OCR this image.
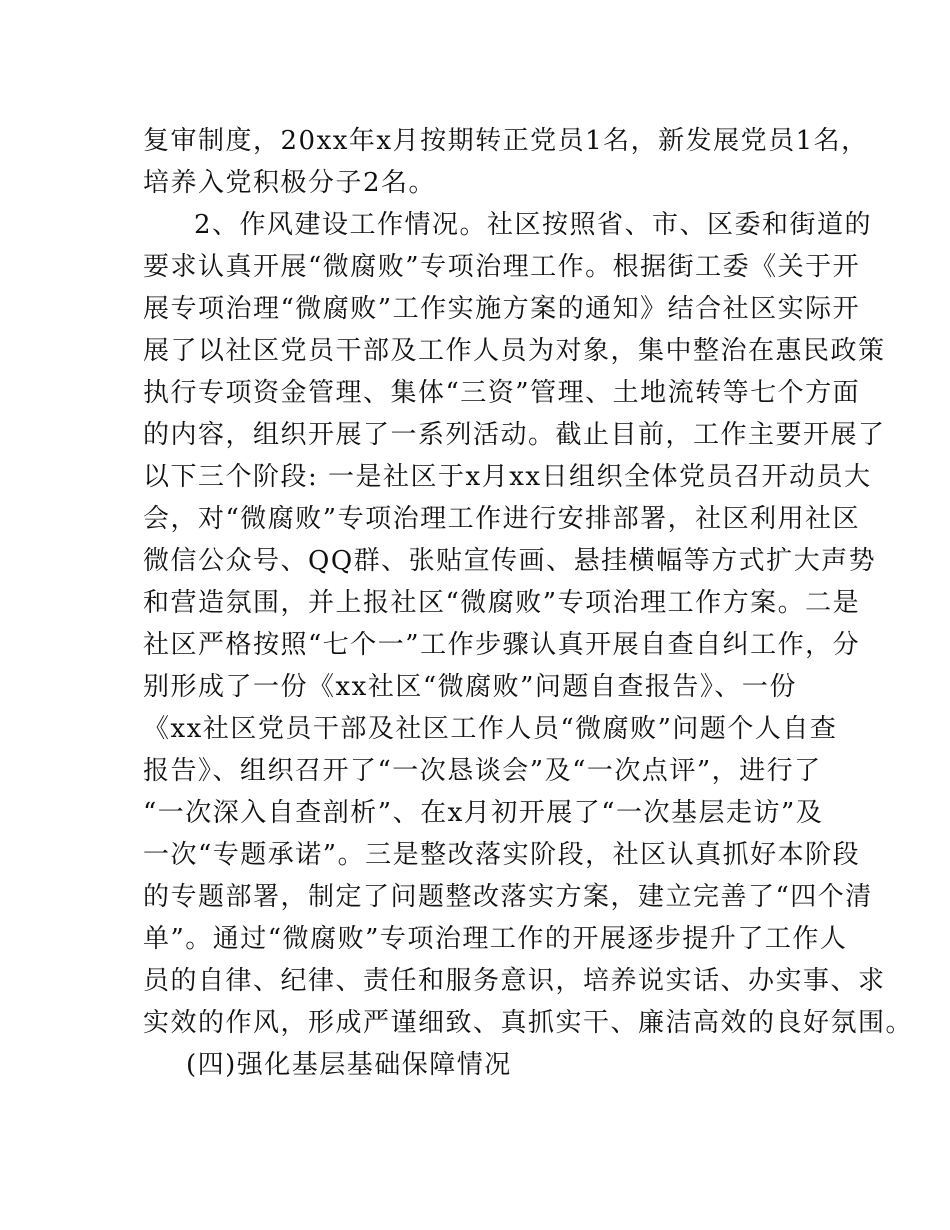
复审制度，20xx年x月按期转正党员1名，新发展党员1名，
培养入党积极分子2名。
2、作风建设工作情况。社区按照省、市、区委和街道的
要求认真开展“微腐败”专项治理工作。根据街工委《关于开
展专项治理“微腐败”工作实施方案的通知》结合社区实际开
展了以社区党员干部及工作人员为对象，集中整治在惠民政策
执行专项资金管理、集体“三资”管理、土地流转等七个方面
的内容，组织开展了一系列活动。截止目前，工作主要开展了
以下三个阶段: 一是社区于x月xx日组织全体党员召开动员大
会，对“微腐败”专项治理工作进行安排部署，社区利用社区
微信公众号、QQ群、张贴宣传画、悬挂横幅等方式扩大声势
和营造氛围，并上报社区“微腐败”专项治理工作方案。二是
社区严格按照“七个一”工作步骤认真开展自查自纠工作，分
别形成了一份《xx社区“微腐败”问题自查报告》、一份
《xx社区党员干部及社区工作人员“微腐败”问题个人自查
报告》、组织召开了“一次恳谈会”及“一次点评”，进行了
“一次深入自查剖析”、在x月初开展了“一次基层走访”及
一次“专题承诺”。三是整改落实阶段，社区认真抓好本阶段
的专题部署，制定了问题整改落实方案，建立完善了“四个清
单”。通过“微腐败”专项治理工作的开展逐步提升了工作人
员的自律、纪律、责任和服务意识，培养说实话、办实事、求
实效的作风，形成严谨细致、真抓实干、廉洁高效的良好氛围。
(四)强化基层基础保障情况
